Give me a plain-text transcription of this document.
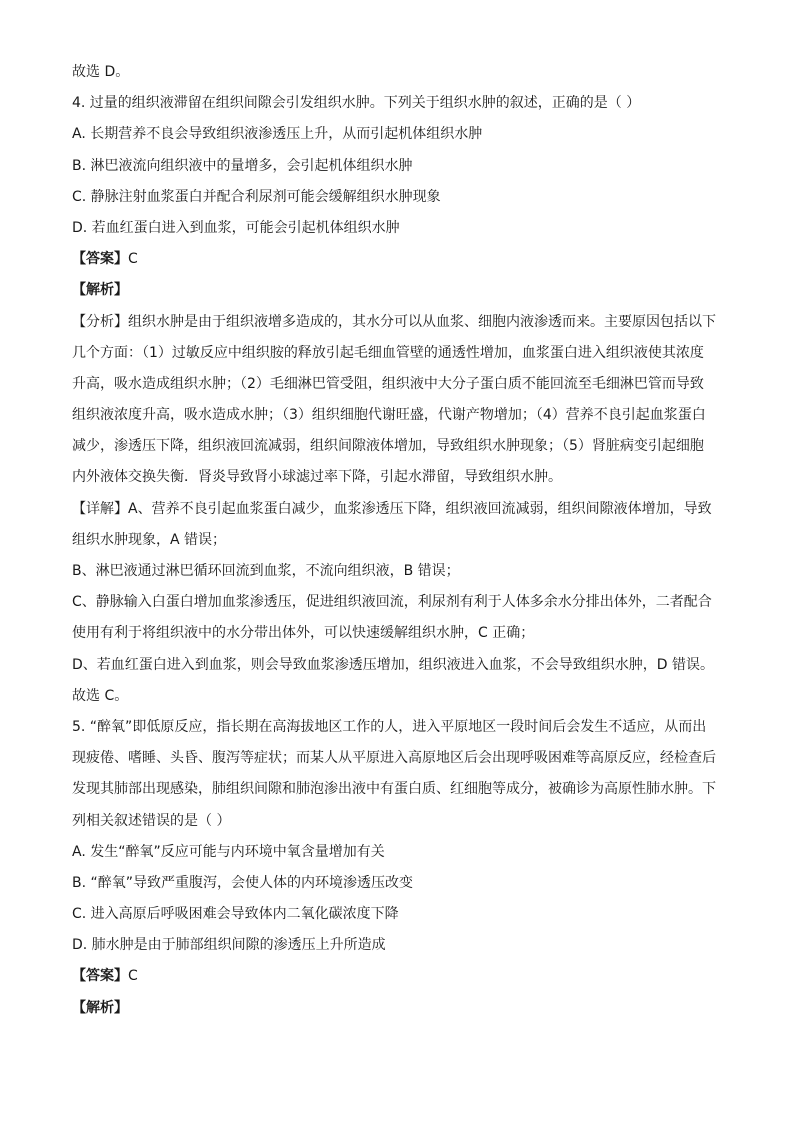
故选 D。
4. 过量的组织液滞留在组织间隙会引发组织水肿。下列关于组织水肿的叙述，正确的是（ ）
A. 长期营养不良会导致组织液渗透压上升，从而引起机体组织水肿
B. 淋巴液流向组织液中的量增多，会引起机体组织水肿
C. 静脉注射血浆蛋白并配合利尿剂可能会缓解组织水肿现象
D. 若血红蛋白进入到血浆，可能会引起机体组织水肿
【答案】C
【解析】
【分析】组织水肿是由于组织液增多造成的，其水分可以从血浆、细胞内液渗透而来。主要原因包括以下
几个方面：（1）过敏反应中组织胺的释放引起毛细血管壁的通透性增加，血浆蛋白进入组织液使其浓度
升高，吸水造成组织水肿；（2）毛细淋巴管受阻，组织液中大分子蛋白质不能回流至毛细淋巴管而导致
组织液浓度升高，吸水造成水肿；（3）组织细胞代谢旺盛，代谢产物增加；（4）营养不良引起血浆蛋白
减少，渗透压下降，组织液回流减弱，组织间隙液体增加，导致组织水肿现象；（5）肾脏病变引起细胞
内外液体交换失衡．肾炎导致肾小球滤过率下降，引起水滞留，导致组织水肿。
【详解】A、营养不良引起血浆蛋白减少，血浆渗透压下降，组织液回流减弱，组织间隙液体增加，导致
组织水肿现象，A 错误；
B、淋巴液通过淋巴循环回流到血浆，不流向组织液，B 错误；
C、静脉输入白蛋白增加血浆渗透压，促进组织液回流，利尿剂有利于人体多余水分排出体外，二者配合
使用有利于将组织液中的水分带出体外，可以快速缓解组织水肿，C 正确；
D、若血红蛋白进入到血浆，则会导致血浆渗透压增加，组织液进入血浆，不会导致组织水肿，D 错误。
故选 C。
5. “醉氧”即低原反应，指长期在高海拔地区工作的人，进入平原地区一段时间后会发生不适应，从而出
现疲倦、嗜睡、头昏、腹泻等症状；而某人从平原进入高原地区后会出现呼吸困难等高原反应，经检查后
发现其肺部出现感染，肺组织间隙和肺泡渗出液中有蛋白质、红细胞等成分，被确诊为高原性肺水肿。下
列相关叙述错误的是（ ）
A. 发生“醉氧”反应可能与内环境中氧含量增加有关
B. “醉氧”导致严重腹泻，会使人体的内环境渗透压改变
C. 进入高原后呼吸困难会导致体内二氧化碳浓度下降
D. 肺水肿是由于肺部组织间隙的渗透压上升所造成
【答案】C
【解析】
